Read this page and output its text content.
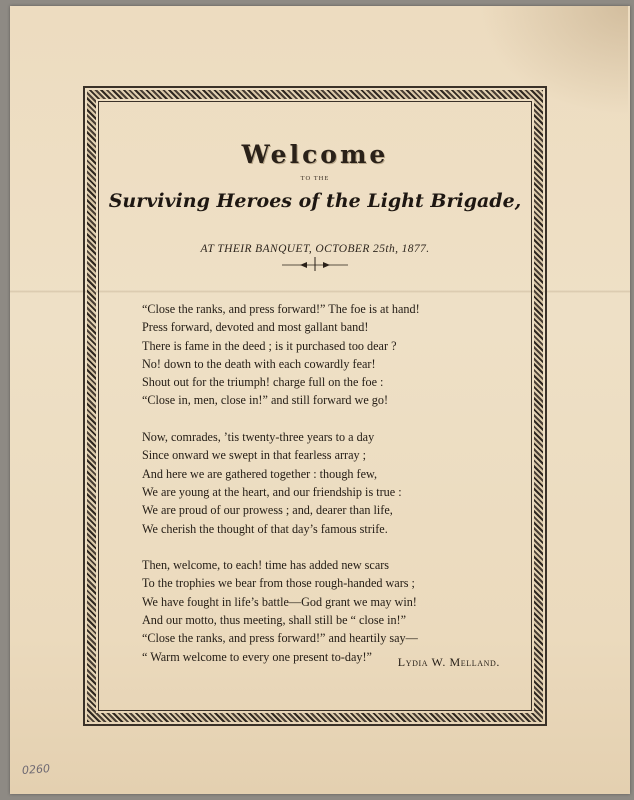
Welcome
TO THE
Surviving Heroes of the Light Brigade,
AT THEIR BANQUET, OCTOBER 25th, 1877.
“Close the ranks, and press forward!” The foe is at hand!
Press forward, devoted and most gallant band!
There is fame in the deed ; is it purchased too dear ?
No! down to the death with each cowardly fear!
Shout out for the triumph! charge full on the foe :
“Close in, men, close in!” and still forward we go!
Now, comrades, ’tis twenty-three years to a day
Since onward we swept in that fearless array ;
And here we are gathered together : though few,
We are young at the heart, and our friendship is true :
We are proud of our prowess ; and, dearer than life,
We cherish the thought of that day’s famous strife.
Then, welcome, to each! time has added new scars
To the trophies we bear from those rough-handed wars ;
We have fought in life’s battle—God grant we may win!
And our motto, thus meeting, shall still be “ close in!”
“Close the ranks, and press forward!” and heartily say—
“ Warm welcome to every one present to-day!”	Lydia W. Melland.
0260
